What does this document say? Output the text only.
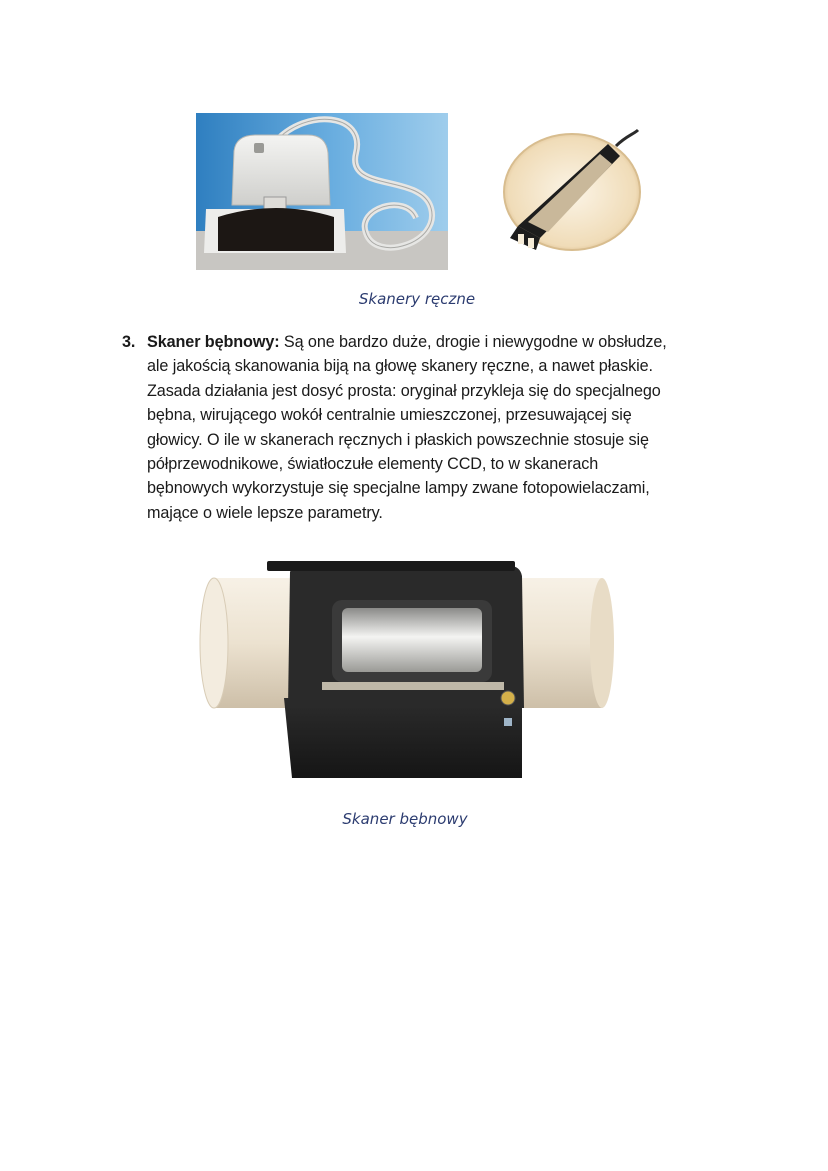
Skanery ręczne
3. Skaner bębnowy: Są one bardzo duże, drogie i niewygodne w obsłudze,
ale jakością skanowania biją na głowę skanery ręczne, a nawet płaskie.
Zasada działania jest dosyć prosta: oryginał przykleja się do specjalnego
bębna, wirującego wokół centralnie umieszczonej, przesuwającej się
głowicy. O ile w skanerach ręcznych i płaskich powszechnie stosuje się
półprzewodnikowe, światłoczułe elementy CCD, to w skanerach
bębnowych wykorzystuje się specjalne lampy zwane fotopowielaczami,
mające o wiele lepsze parametry.
Skaner bębnowy
